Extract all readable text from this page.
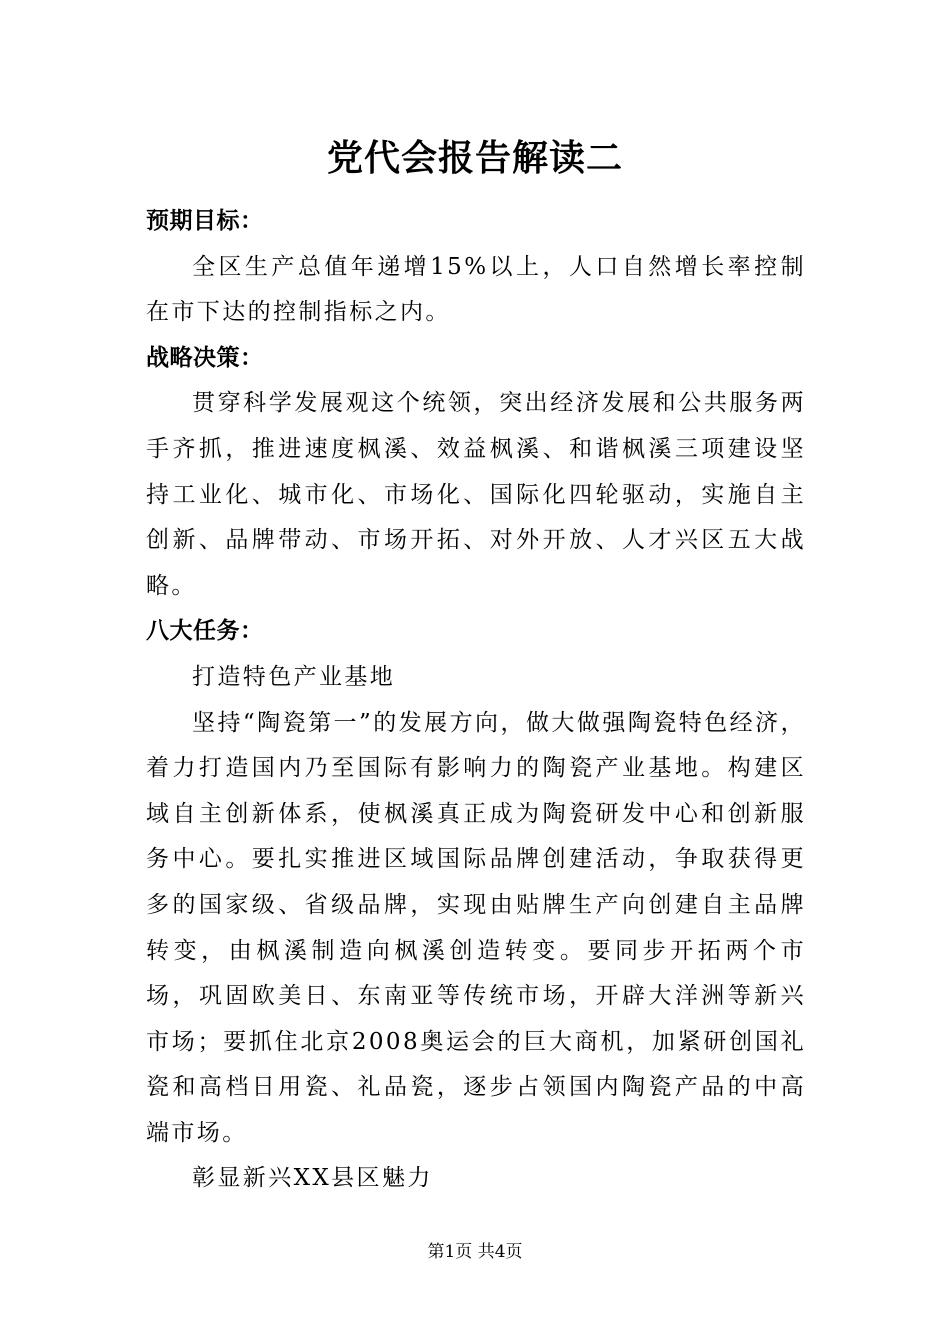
党代会报告解读二

预期目标：

全区生产总值年递增15%以上，人口自然增长率控制在市下达的控制指标之内。

战略决策：

贯穿科学发展观这个统领，突出经济发展和公共服务两手齐抓，推进速度枫溪、效益枫溪、和谐枫溪三项建设坚持工业化、城市化、市场化、国际化四轮驱动，实施自主创新、品牌带动、市场开拓、对外开放、人才兴区五大战略。

八大任务：

打造特色产业基地

坚持“陶瓷第一”的发展方向，做大做强陶瓷特色经济，着力打造国内乃至国际有影响力的陶瓷产业基地。构建区域自主创新体系，使枫溪真正成为陶瓷研发中心和创新服务中心。要扎实推进区域国际品牌创建活动，争取获得更多的国家级、省级品牌，实现由贴牌生产向创建自主品牌转变，由枫溪制造向枫溪创造转变。要同步开拓两个市场，巩固欧美日、东南亚等传统市场，开辟大洋洲等新兴市场；要抓住北京2008奥运会的巨大商机，加紧研创国礼瓷和高档日用瓷、礼品瓷，逐步占领国内陶瓷产品的中高端市场。

彰显新兴XX县区魅力

第1页 共4页
